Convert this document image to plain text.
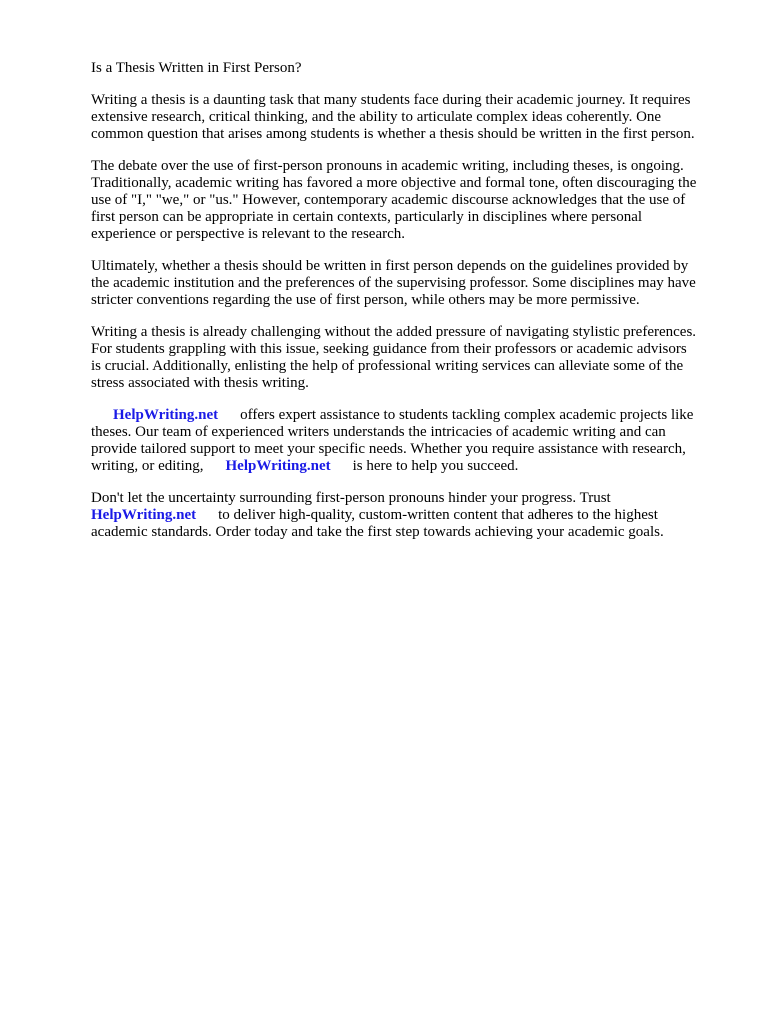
Is a Thesis Written in First Person?

Writing a thesis is a daunting task that many students face during their academic journey. It requires
extensive research, critical thinking, and the ability to articulate complex ideas coherently. One
common question that arises among students is whether a thesis should be written in the first person.

The debate over the use of first-person pronouns in academic writing, including theses, is ongoing.
Traditionally, academic writing has favored a more objective and formal tone, often discouraging the
use of "I," "we," or "us." However, contemporary academic discourse acknowledges that the use of
first person can be appropriate in certain contexts, particularly in disciplines where personal
experience or perspective is relevant to the research.

Ultimately, whether a thesis should be written in first person depends on the guidelines provided by
the academic institution and the preferences of the supervising professor. Some disciplines may have
stricter conventions regarding the use of first person, while others may be more permissive.

Writing a thesis is already challenging without the added pressure of navigating stylistic preferences.
For students grappling with this issue, seeking guidance from their professors or academic advisors
is crucial. Additionally, enlisting the help of professional writing services can alleviate some of the
stress associated with thesis writing.

HelpWriting.net offers expert assistance to students tackling complex academic projects like
theses. Our team of experienced writers understands the intricacies of academic writing and can
provide tailored support to meet your specific needs. Whether you require assistance with research,
writing, or editing, HelpWriting.net is here to help you succeed.

Don't let the uncertainty surrounding first-person pronouns hinder your progress. Trust
HelpWriting.net to deliver high-quality, custom-written content that adheres to the highest
academic standards. Order today and take the first step towards achieving your academic goals.
